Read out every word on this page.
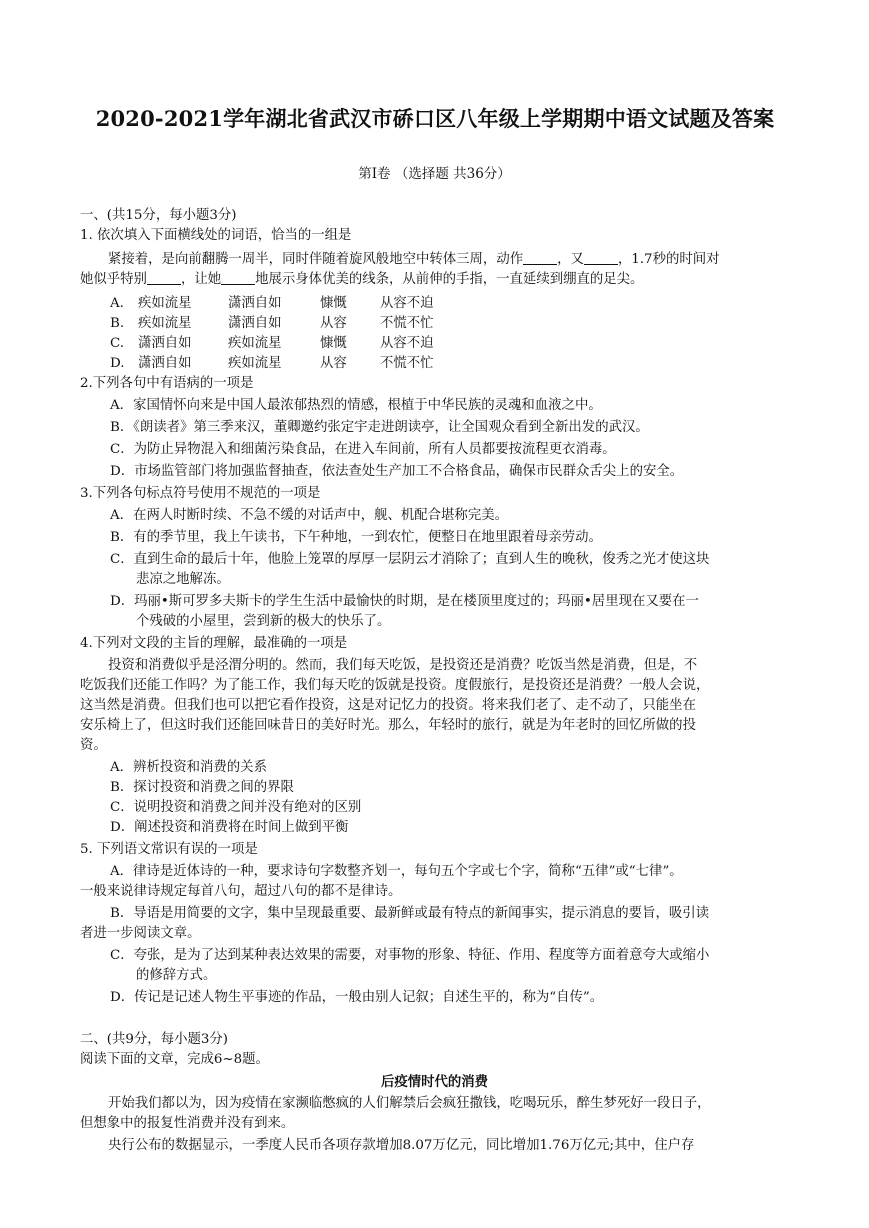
2020-2021学年湖北省武汉市硚口区八年级上学期期中语文试题及答案
第Ⅰ卷 （选择题 共36分）
一、(共15分，每小题3分)
1. 依次填入下面横线处的词语，恰当的一组是
紧接着，是向前翻腾一周半，同时伴随着旋风般地空中转体三周，动作	，又	，1.7秒的时间对
她似乎特别	，让她	地展示身体优美的线条，从前伸的手指，一直延续到绷直的足尖。
A. 疾如流星	潇洒自如	慷慨 从容不迫
B. 疾如流星	潇洒自如	从容 不慌不忙
C. 潇洒自如	疾如流星	慷慨 从容不迫
D. 潇洒自如	疾如流星	从容 不慌不忙
2.下列各句中有语病的一项是
A．家国情怀向来是中国人最浓郁热烈的情感，根植于中华民族的灵魂和血液之中。
B．《朗读者》第三季来汉，董卿邀约张定宇走进朗读亭，让全国观众看到全新出发的武汉。
C．为防止异物混入和细菌污染食品，在进入车间前，所有人员都要按流程更衣消毒。
D．市场监管部门将加强监督抽查，依法查处生产加工不合格食品，确保市民群众舌尖上的安全。
3.下列各句标点符号使用不规范的一项是
A．在两人时断时续、不急不缓的对话声中，舰、机配合堪称完美。
B．有的季节里，我上午读书，下午种地，一到农忙，便整日在地里跟着母亲劳动。
C．直到生命的最后十年，他脸上笼罩的厚厚一层阴云才消除了；直到人生的晚秋，俊秀之光才使这块
悲凉之地解冻。
D．玛丽•斯可罗多夫斯卡的学生生活中最愉快的时期，是在楼顶里度过的；玛丽•居里现在又要在一
个残破的小屋里，尝到新的极大的快乐了。
4.下列对文段的主旨的理解，最准确的一项是
投资和消费似乎是泾渭分明的。然而，我们每天吃饭，是投资还是消费？吃饭当然是消费，但是，不
吃饭我们还能工作吗？为了能工作，我们每天吃的饭就是投资。度假旅行，是投资还是消费？一般人会说，
这当然是消费。但我们也可以把它看作投资，这是对记忆力的投资。将来我们老了、走不动了，只能坐在
安乐椅上了，但这时我们还能回味昔日的美好时光。那么，年轻时的旅行，就是为年老时的回忆所做的投
资。
A．辨析投资和消费的关系
B．探讨投资和消费之间的界限
C．说明投资和消费之间并没有绝对的区别
D．阐述投资和消费将在时间上做到平衡
5. 下列语文常识有误的一项是
A．律诗是近体诗的一种，要求诗句字数整齐划一，每句五个字或七个字，简称“五律”或“七律”。
一般来说律诗规定每首八句，超过八句的都不是律诗。
B．导语是用简要的文字，集中呈现最重要、最新鲜或最有特点的新闻事实，提示消息的要旨，吸引读
者进一步阅读文章。
C．夸张，是为了达到某种表达效果的需要，对事物的形象、特征、作用、程度等方面着意夸大或缩小
的修辞方式。
D．传记是记述人物生平事迹的作品，一般由别人记叙；自述生平的，称为“自传”。
二、(共9分，每小题3分)
阅读下面的文章，完成6~8题。
后疫情时代的消费
开始我们都以为，因为疫情在家濒临憋疯的人们解禁后会疯狂撒钱，吃喝玩乐，醉生梦死好一段日子，
但想象中的报复性消费并没有到来。
央行公布的数据显示，一季度人民币各项存款增加8.07万亿元，同比增加1.76万亿元;其中，住户存
